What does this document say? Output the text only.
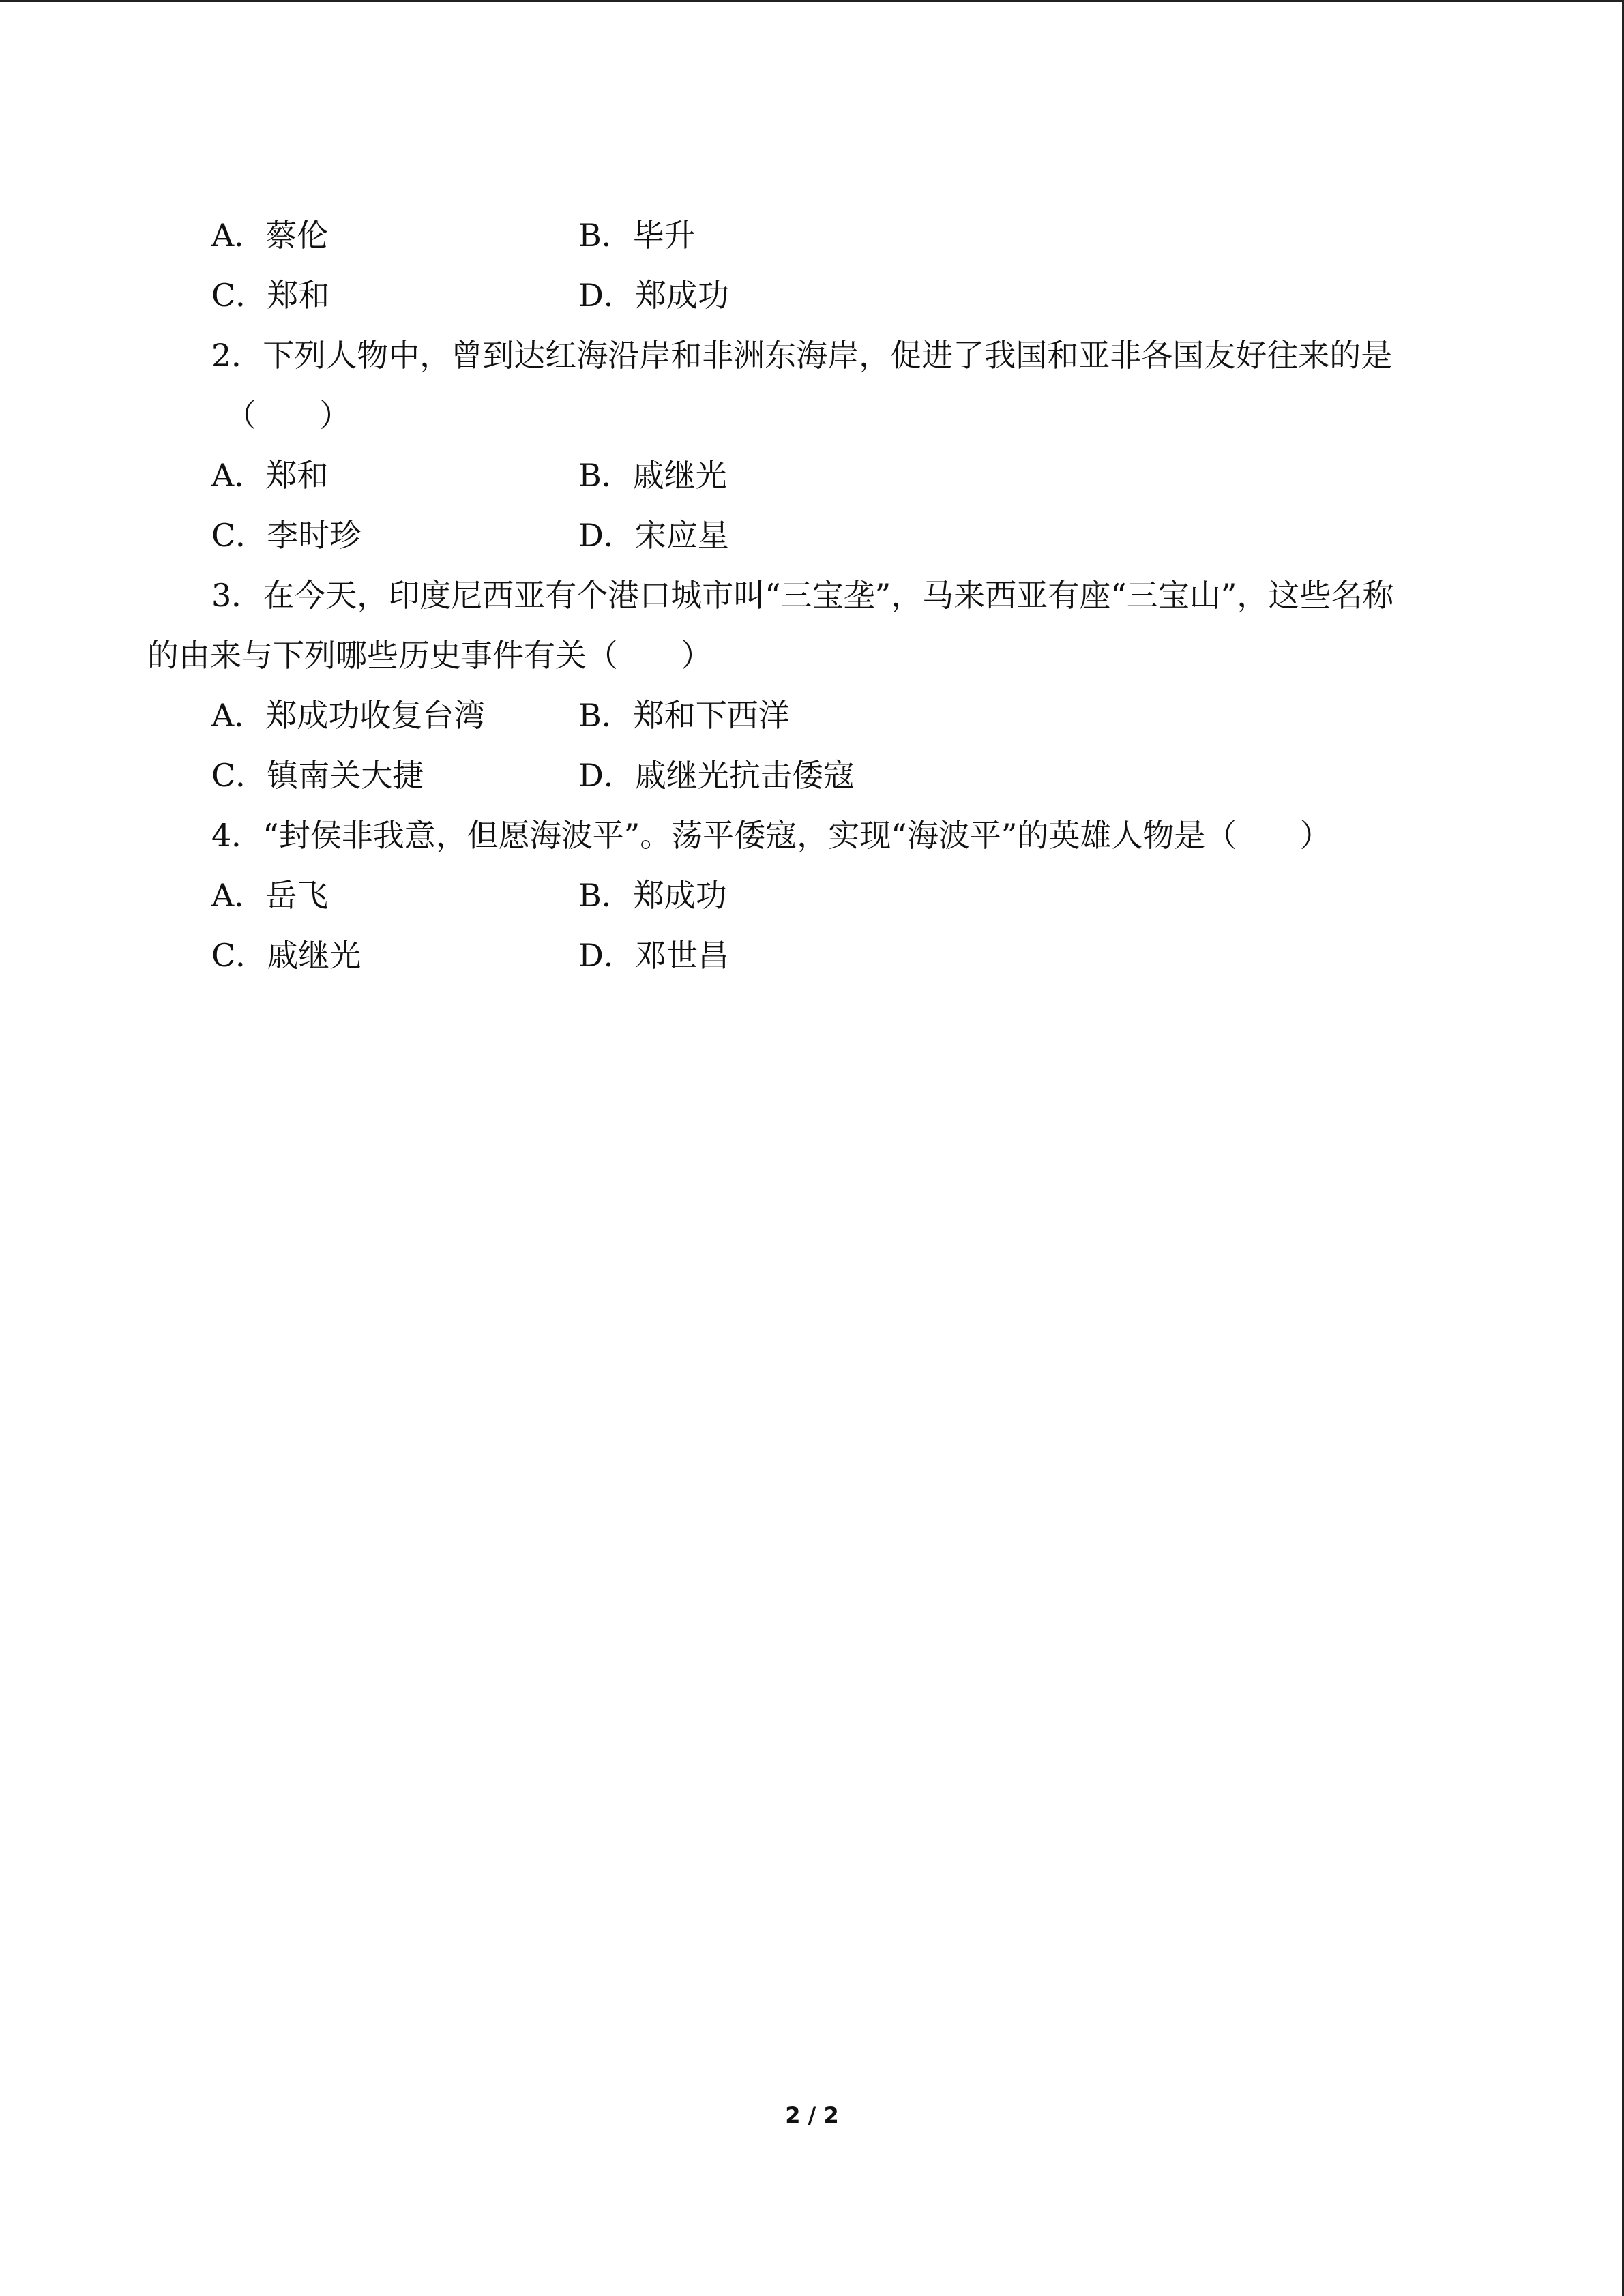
A．蔡伦	B．毕升
C．郑和	D．郑成功
2．下列人物中，曾到达红海沿岸和非洲东海岸，促进了我国和亚非各国友好往来的是
（　　）
A．郑和	B．戚继光
C．李时珍	D．宋应星
3．在今天，印度尼西亚有个港口城市叫“三宝垄”，马来西亚有座“三宝山”，这些名称
的由来与下列哪些历史事件有关（　　）
A．郑成功收复台湾	B．郑和下西洋
C．镇南关大捷	D．戚继光抗击倭寇
4．“封侯非我意，但愿海波平”。荡平倭寇，实现“海波平”的英雄人物是（　　）
A．岳飞	B．郑成功
C．戚继光	D．邓世昌
2 / 2
